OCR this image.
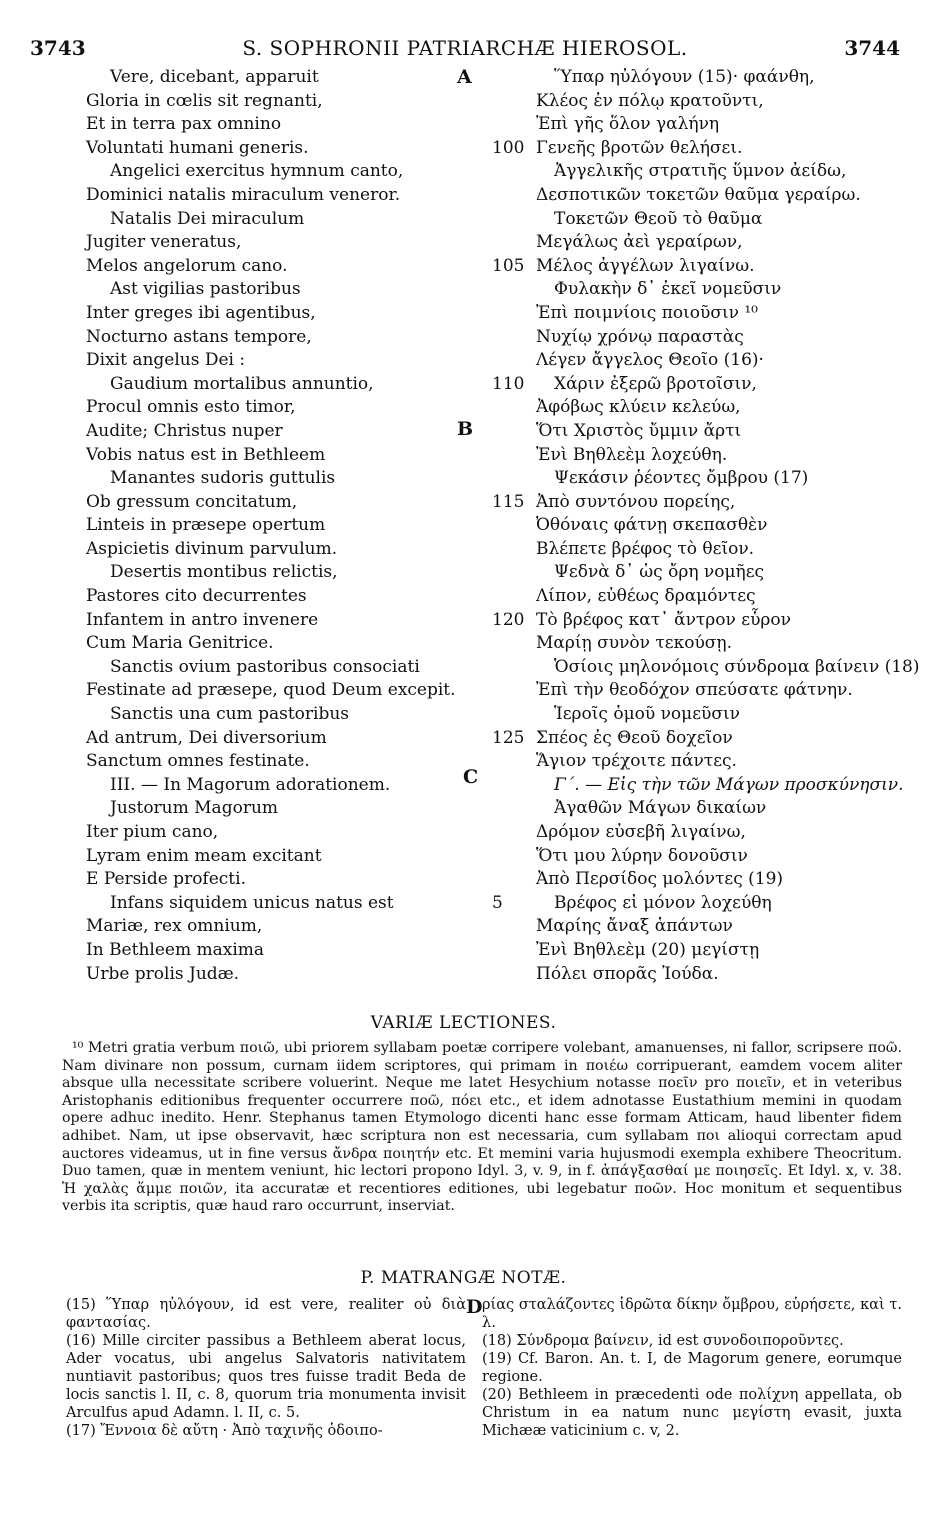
3743	S. SOPHRONII PATRIARCHÆ HIEROSOL.	3744
A
B
C
D
Vere, dicebant, apparuit
Gloria in cœlis sit regnanti,
Et in terra pax omnino
Voluntati humani generis.
Angelici exercitus hymnum canto,
Dominici natalis miraculum veneror.
Natalis Dei miraculum
Jugiter veneratus,
Melos angelorum cano.
Ast vigilias pastoribus
Inter greges ibi agentibus,
Nocturno astans tempore,
Dixit angelus Dei :
Gaudium mortalibus annuntio,
Procul omnis esto timor,
Audite; Christus nuper
Vobis natus est in Bethleem
Manantes sudoris guttulis
Ob gressum concitatum,
Linteis in præsepe opertum
Aspicietis divinum parvulum.
Desertis montibus relictis,
Pastores cito decurrentes
Infantem in antro invenere
Cum Maria Genitrice.
Sanctis ovium pastoribus consociati
Festinate ad præsepe, quod Deum excepit.
Sanctis una cum pastoribus
Ad antrum, Dei diversorium
Sanctum omnes festinate.
III. — In Magorum adorationem.
Justorum Magorum
Iter pium cano,
Lyram enim meam excitant
E Perside profecti.
Infans siquidem unicus natus est
Mariæ, rex omnium,
In Bethleem maxima
Urbe prolis Judæ.
Ὕπαρ ηὐλόγουν (15)· φαάνθη,
Κλέος ἐν πόλῳ κρατοῦντι,
Ἐπὶ γῆς ὅλον γαλήνη
100 Γενεῆς βροτῶν θελήσει.
Ἀγγελικῆς στρατιῆς ὕμνον ἀείδω,
Δεσποτικῶν τοκετῶν θαῦμα γεραίρω.
Τοκετῶν Θεοῦ τὸ θαῦμα
Μεγάλως ἀεὶ γεραίρων,
105 Μέλος ἀγγέλων λιγαίνω.
Φυλακὴν δ᾽ ἐκεῖ νομεῦσιν
Ἐπὶ ποιμνίοις ποιοῦσιν ¹⁰
Νυχίῳ χρόνῳ παραστὰς
Λέγεν ἄγγελος Θεοῖο (16)·
110 Χάριν ἐξερῶ βροτοῖσιν,
Ἀφόβως κλύειν κελεύω,
Ὅτι Χριστὸς ὔμμιν ἄρτι
Ἐνὶ Βηθλεὲμ λοχεύθη.
Ψεκάσιν ῥέοντες ὄμβρου (17)
115 Ἀπὸ συντόνου πορείης,
Ὀθόναις φάτνῃ σκεπασθὲν
Βλέπετε βρέφος τὸ θεῖον.
Ψεδνὰ δ᾽ ὡς ὄρη νομῆες
Λίπον, εὐθέως δραμόντες
120 Τὸ βρέφος κατ᾽ ἄντρον εὗρον
Μαρίῃ συνὸν τεκούσῃ.
Ὁσίοις μηλονόμοις σύνδρομα βαίνειν (18)
Ἐπὶ τὴν θεοδόχον σπεύσατε φάτνην.
Ἱεροῖς ὁμοῦ νομεῦσιν
125 Σπέος ἐς Θεοῦ δοχεῖον
Ἅγιον τρέχοιτε πάντες.
Γ΄. — Εἰς τὴν τῶν Μάγων προσκύνησιν.
Ἀγαθῶν Μάγων δικαίων
Δρόμον εὐσεβῆ λιγαίνω,
Ὅτι μου λύρην δονοῦσιν
Ἀπὸ Περσίδος μολόντες (19)
5	Βρέφος εἰ μόνον λοχεύθη
Μαρίης ἄναξ ἁπάντων
Ἐνὶ Βηθλεὲμ (20) μεγίστῃ
Πόλει σπορᾶς Ἰούδα.
VARIÆ LECTIONES.

¹⁰ Metri gratia verbum ποιῶ, ubi priorem syllabam poetæ corripere volebant, amanuenses, ni fallor, scripsere ποῶ. Nam divinare non possum, curnam iidem scriptores, qui primam in ποιέω corripuerant, eamdem vocem aliter absque ulla necessitate scribere voluerint. Neque me latet Hesychium notasse ποεῖν pro ποιεῖν, et in veteribus Aristophanis editionibus frequenter occurrere ποῶ, πόει etc., et idem adnotasse Eustathium memini in quodam opere adhuc inedito. Henr. Stephanus tamen Etymologo dicenti hanc esse formam Atticam, haud libenter fidem adhibet. Nam, ut ipse observavit, hæc scriptura non est necessaria, cum syllabam ποι alioqui correctam apud auctores videamus, ut in fine versus ἄνδρα ποιητήν etc. Et memini varia hujusmodi exempla exhibere Theocritum. Duo tamen, quæ in mentem veniunt, hic lectori propono Idyl. 3, v. 9, in f. ἀπάγξασθαί με ποιησεῖς. Et Idyl. x, v. 38. Ἡ χαλὰς ἅμμε ποιῶν, ita accuratæ et recentiores editiones, ubi legebatur ποῶν. Hoc monitum et sequentibus verbis ita scriptis, quæ haud raro occurrunt, inserviat.

P. MATRANGÆ NOTÆ.

(15) Ὕπαρ ηὐλόγουν, id est vere, realiter οὐ διὰ φαντασίας.

(16) Mille circiter passibus a Bethleem aberat locus, Ader vocatus, ubi angelus Salvatoris nativitatem nuntiavit pastoribus; quos tres fuisse tradit Beda de locis sanctis l. II, c. 8, quorum tria monumenta invisit Arculfus apud Adamn. l. II, c. 5.

(17) Ἔννοια δὲ αὔτη · Ἀπὸ ταχινῆς ὁδοιπο-

ρίας σταλάζοντες ἱδρῶτα δίκην ὄμβρου, εὑρήσετε, καὶ τ. λ.

(18) Σύνδρομα βαίνειν, id est συνοδοιποροῦντες.

(19) Cf. Baron. An. t. I, de Magorum genere, eorumque regione.

(20) Bethleem in præcedenti ode πολίχνη appellata, ob Christum in ea natum nunc μεγίστη evasit, juxta Michææ vaticinium c. v, 2.
